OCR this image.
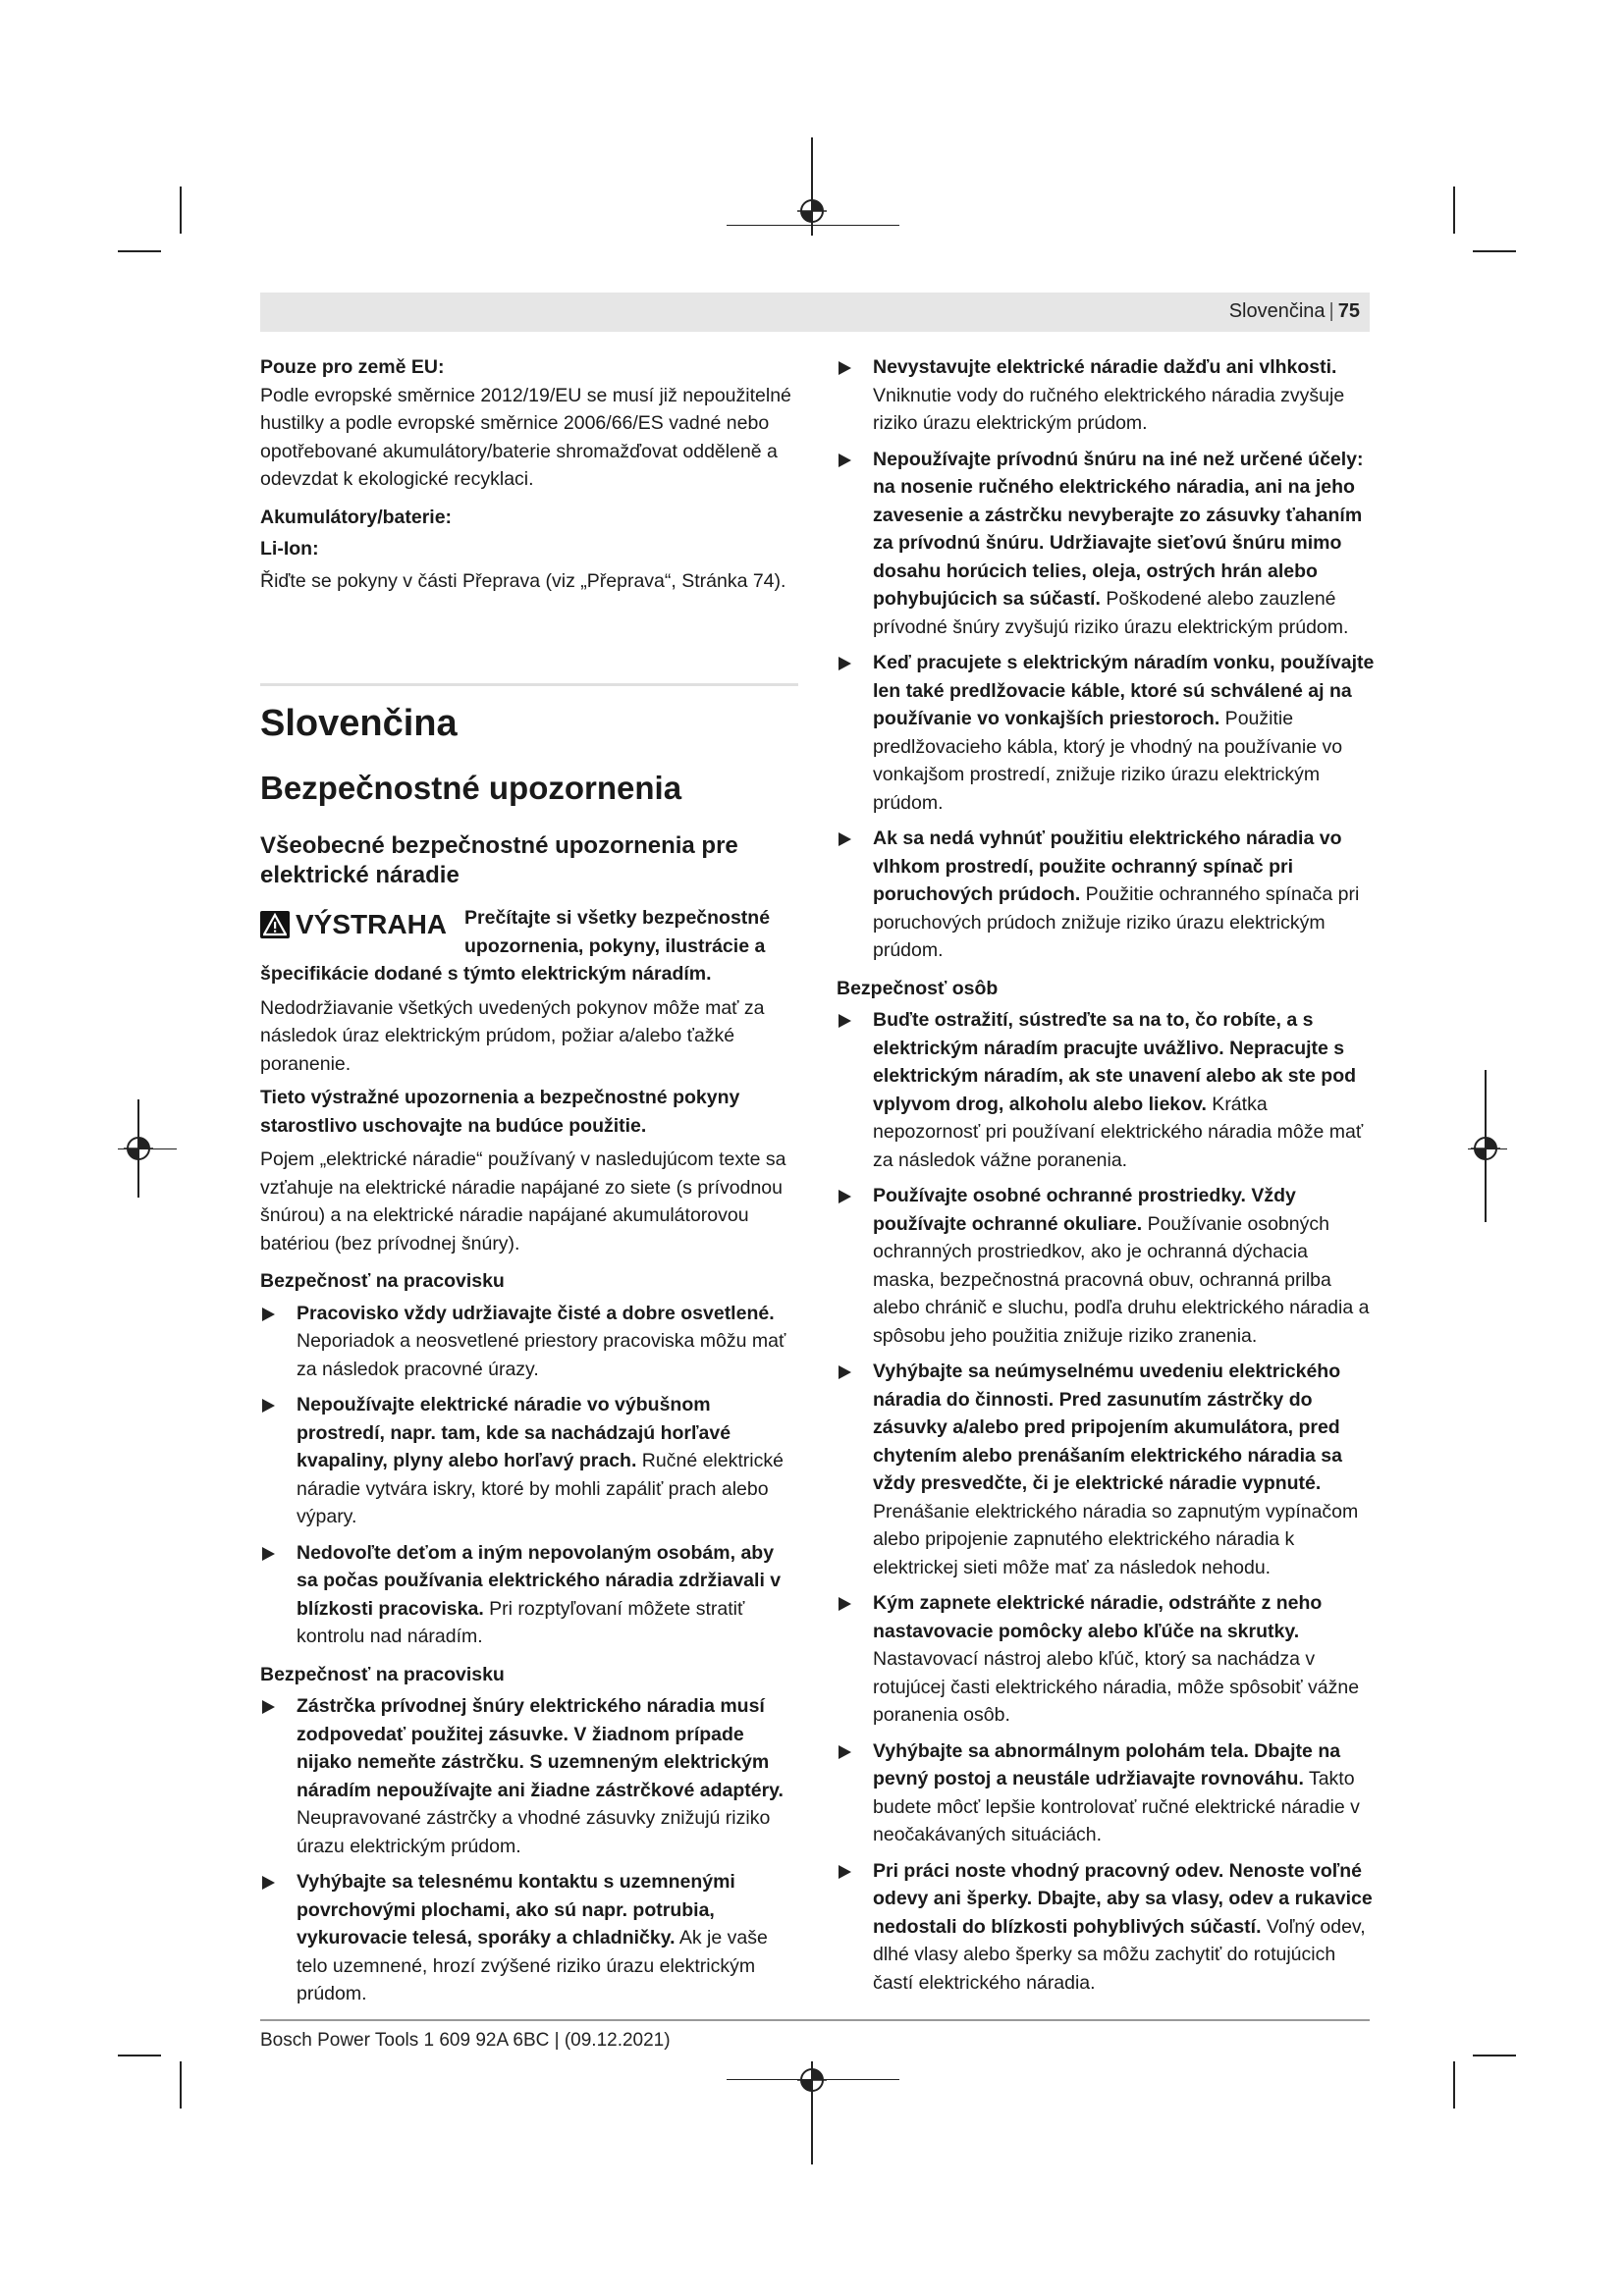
Slovenčina | 75
Pouze pro země EU:

Podle evropské směrnice 2012/19/EU se musí již nepoužitelné hustilky a podle evropské směrnice 2006/66/ES vadné nebo opotřebované akumulátory/baterie shromažďovat odděleně a odevzdat k ekologické recyklaci.

Akumulátory/baterie:
Li-Ion:

Řiďte se pokyny v části Přeprava (viz „Přeprava“, Stránka 74).

Slovenčina
Bezpečnostné upozornenia
Všeobecné bezpečnostné upozornenia pre elektrické náradie
VÝSTRAHA Prečítajte si všetky bezpečnostné upozornenia, pokyny, ilustrácie a špecifikácie dodané s týmto elektrickým náradím.

Nedodržiavanie všetkých uvedených pokynov môže mať za následok úraz elektrickým prúdom, požiar a/alebo ťažké poranenie.

Tieto výstražné upozornenia a bezpečnostné pokyny starostlivo uschovajte na budúce použitie.

Pojem „elektrické náradie“ používaný v nasledujúcom texte sa vzťahuje na elektrické náradie napájané zo siete (s prívodnou šnúrou) a na elektrické náradie napájané akumulátorovou batériou (bez prívodnej šnúry).

Bezpečnosť na pracovisku
Pracovisko vždy udržiavajte čisté a dobre osvetlené. Neporiadok a neosvetlené priestory pracoviska môžu mať za následok pracovné úrazy.
Nepoužívajte elektrické náradie vo výbušnom prostredí, napr. tam, kde sa nachádzajú horľavé kvapaliny, plyny alebo horľavý prach. Ručné elektrické náradie vytvára iskry, ktoré by mohli zapáliť prach alebo výpary.
Nedovoľte deťom a iným nepovolaným osobám, aby sa počas používania elektrického náradia zdržiavali v blízkosti pracoviska. Pri rozptyľovaní môžete stratiť kontrolu nad náradím.
Bezpečnosť na pracovisku
Zástrčka prívodnej šnúry elektrického náradia musí zodpovedať použitej zásuvke. V žiadnom prípade nijako nemeňte zástrčku. S uzemneným elektrickým náradím nepoužívajte ani žiadne zástrčkové adaptéry. Neupravované zástrčky a vhodné zásuvky znižujú riziko úrazu elektrickým prúdom.
Vyhýbajte sa telesnému kontaktu s uzemnenými povrchovými plochami, ako sú napr. potrubia, vykurovacie telesá, sporáky a chladničky. Ak je vaše telo uzemnené, hrozí zvýšené riziko úrazu elektrickým prúdom.
Nevystavujte elektrické náradie dažďu ani vlhkosti. Vniknutie vody do ručného elektrického náradia zvyšuje riziko úrazu elektrickým prúdom.
Nepoužívajte prívodnú šnúru na iné než určené účely: na nosenie ručného elektrického náradia, ani na jeho zavesenie a zástrčku nevyberajte zo zásuvky ťahaním za prívodnú šnúru. Udržiavajte sieťovú šnúru mimo dosahu horúcich telies, oleja, ostrých hrán alebo pohybujúcich sa súčastí. Poškodené alebo zauzlené prívodné šnúry zvyšujú riziko úrazu elektrickým prúdom.
Keď pracujete s elektrickým náradím vonku, používajte len také predlžovacie káble, ktoré sú schválené aj na používanie vo vonkajších priestoroch. Použitie predlžovacieho kábla, ktorý je vhodný na používanie vo vonkajšom prostredí, znižuje riziko úrazu elektrickým prúdom.
Ak sa nedá vyhnúť použitiu elektrického náradia vo vlhkom prostredí, použite ochranný spínač pri poruchových prúdoch. Použitie ochranného spínača pri poruchových prúdoch znižuje riziko úrazu elektrickým prúdom.
Bezpečnosť osôb
Buďte ostražití, sústreďte sa na to, čo robíte, a s elektrickým náradím pracujte uvážlivo. Nepracujte s elektrickým náradím, ak ste unavení alebo ak ste pod vplyvom drog, alkoholu alebo liekov. Krátka nepozornosť pri používaní elektrického náradia môže mať za následok vážne poranenia.
Používajte osobné ochranné prostriedky. Vždy používajte ochranné okuliare. Používanie osobných ochranných prostriedkov, ako je ochranná dýchacia maska, bezpečnostná pracovná obuv, ochranná prilba alebo chránič e sluchu, podľa druhu elektrického náradia a spôsobu jeho použitia znižuje riziko zranenia.
Vyhýbajte sa neúmyselnému uvedeniu elektrického náradia do činnosti. Pred zasunutím zástrčky do zásuvky a/alebo pred pripojením akumulátora, pred chytením alebo prenášaním elektrického náradia sa vždy presvedčte, či je elektrické náradie vypnuté. Prenášanie elektrického náradia so zapnutým vypínačom alebo pripojenie zapnutého elektrického náradia k elektrickej sieti môže mať za následok nehodu.
Kým zapnete elektrické náradie, odstráňte z neho nastavovacie pomôcky alebo kľúče na skrutky. Nastavovací nástroj alebo kľúč, ktorý sa nachádza v rotujúcej časti elektrického náradia, môže spôsobiť vážne poranenia osôb.
Vyhýbajte sa abnormálnym polohám tela. Dbajte na pevný postoj a neustále udržiavajte rovnováhu. Takto budete môcť lepšie kontrolovať ručné elektrické náradie v neočakávaných situáciách.
Pri práci noste vhodný pracovný odev. Nenoste voľné odevy ani šperky. Dbajte, aby sa vlasy, odev a rukavice nedostali do blízkosti pohyblivých súčastí. Voľný odev, dlhé vlasy alebo šperky sa môžu zachytiť do rotujúcich častí elektrického náradia.
Bosch Power Tools 1 609 92A 6BC | (09.12.2021)
